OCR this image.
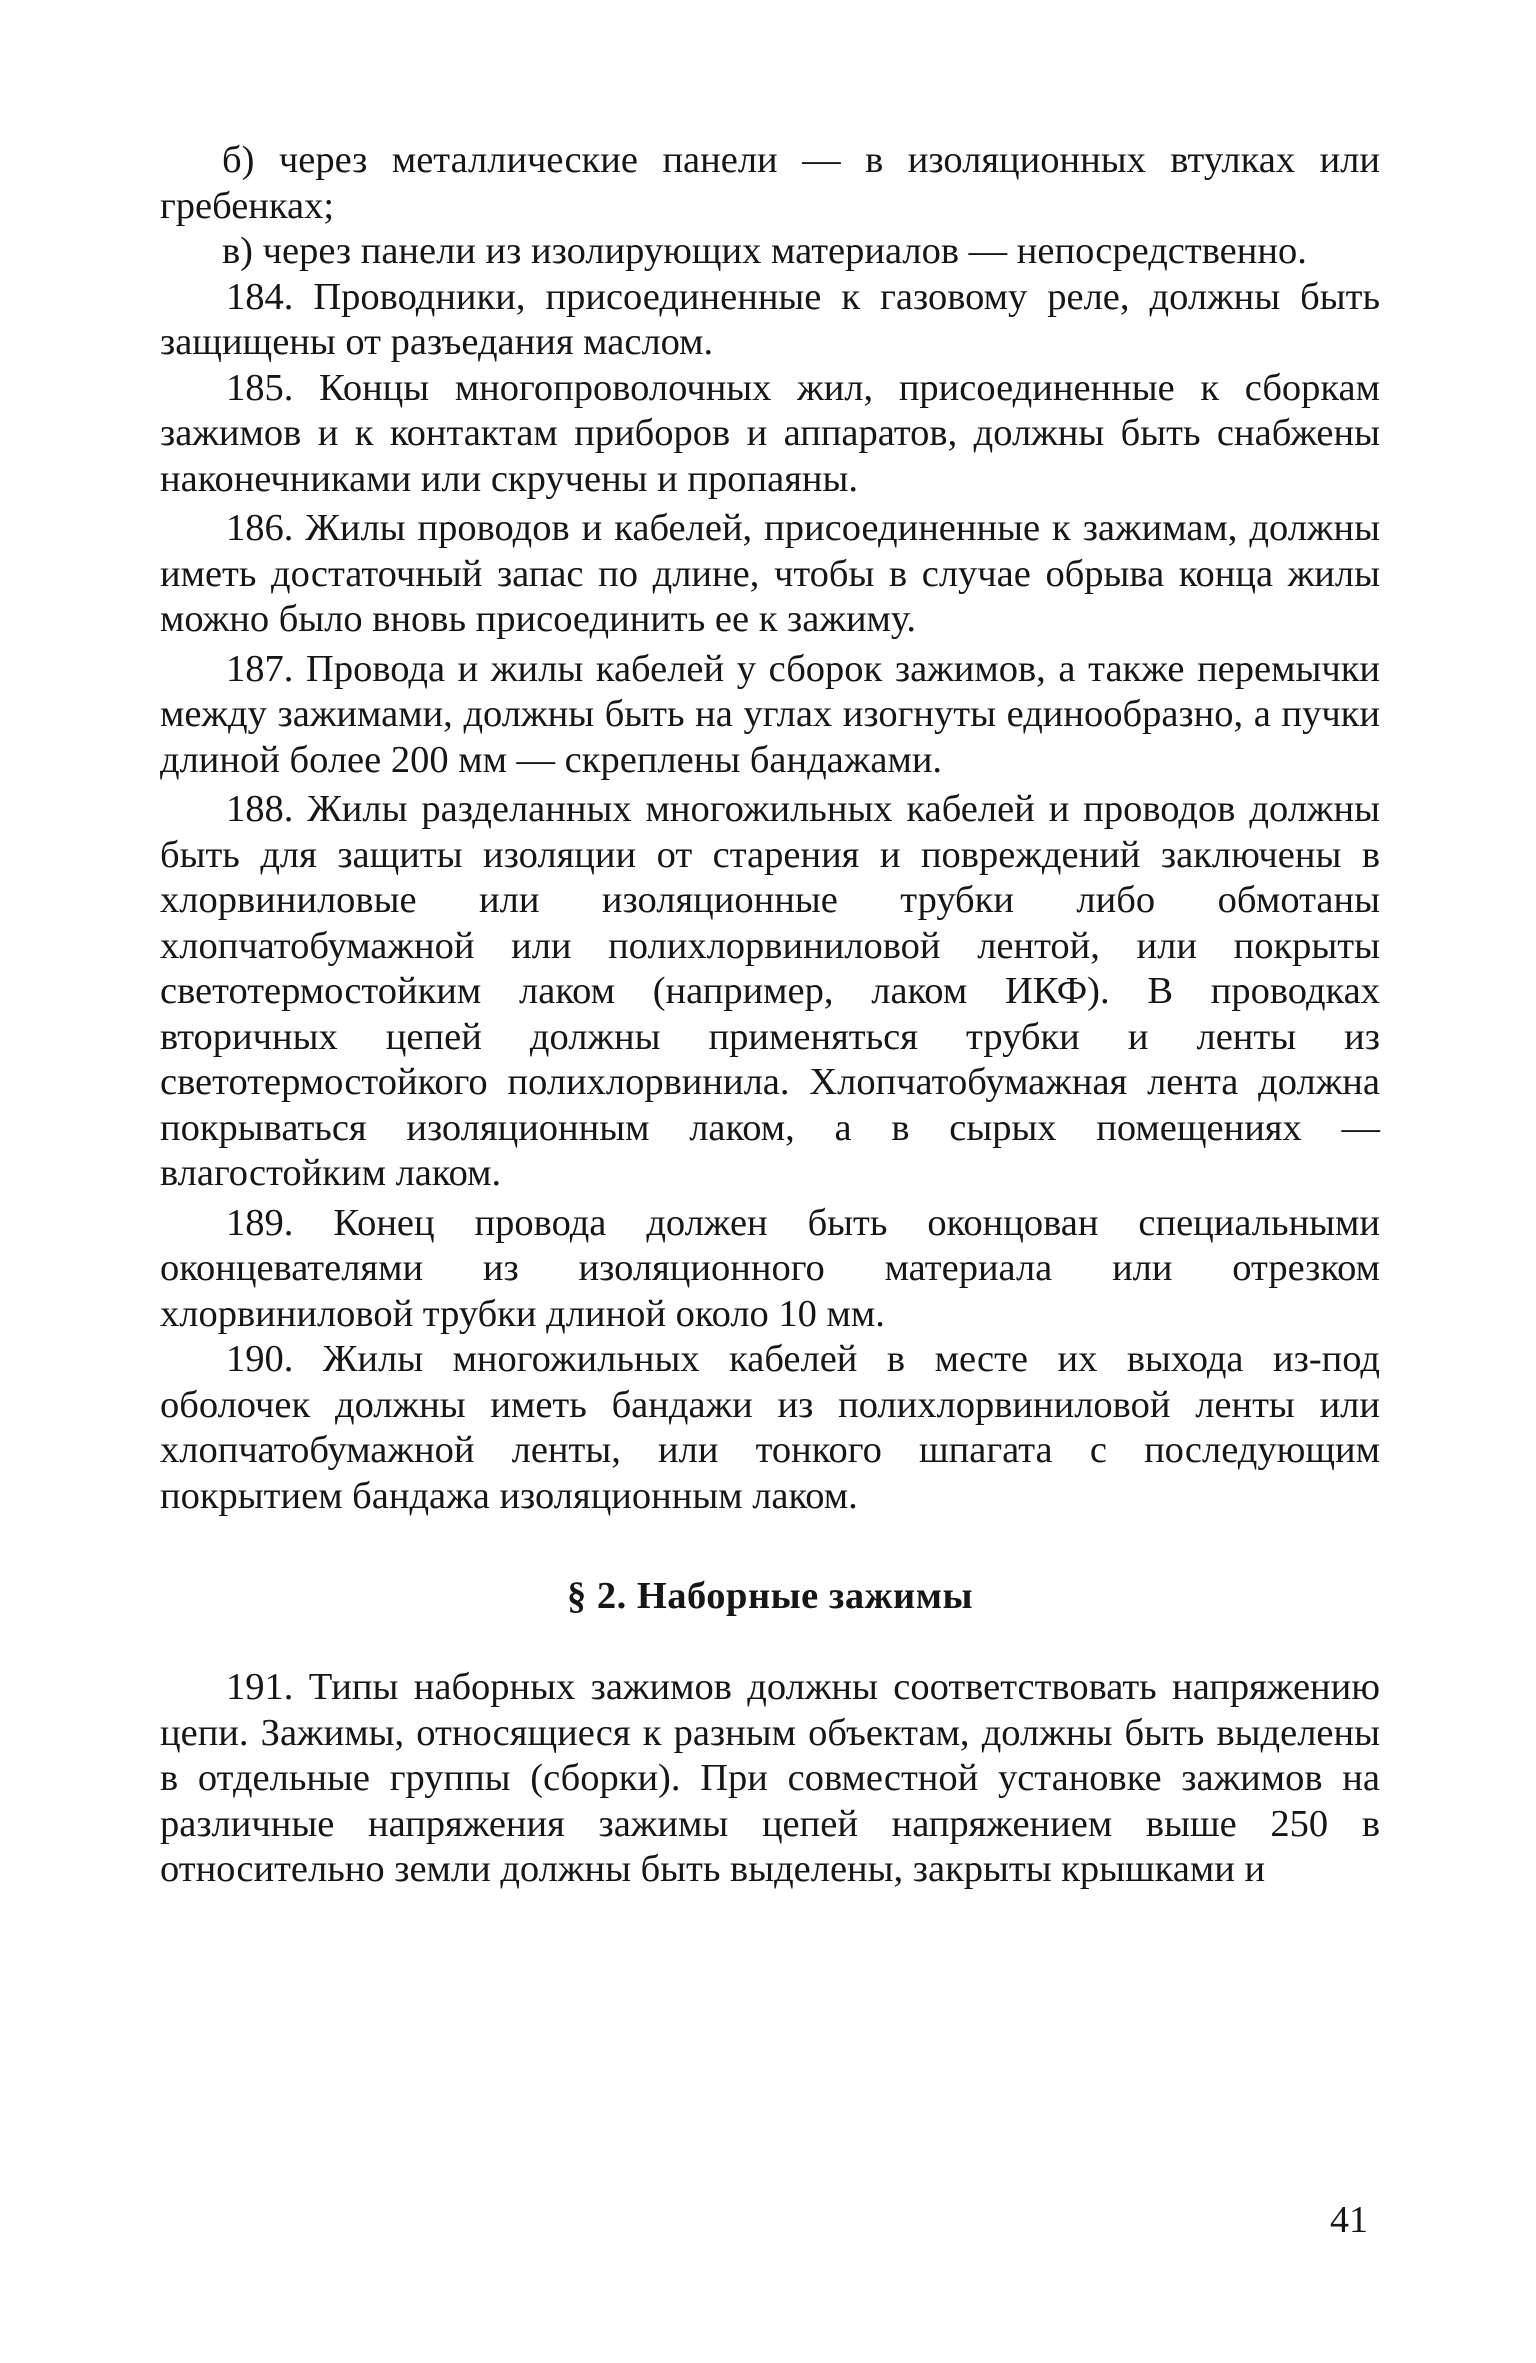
б) через металлические панели — в изоляционных втулках или гребенках;

в) через панели из изолирующих материалов — непосредственно.

184. Проводники, присоединенные к газовому реле, должны быть защищены от разъедания маслом.

185. Концы многопроволочных жил, присоединенные к сборкам зажимов и к контактам приборов и аппаратов, должны быть снабжены наконечниками или скручены и пропаяны.

186. Жилы проводов и кабелей, присоединенные к зажимам, должны иметь достаточный запас по длине, чтобы в случае обрыва конца жилы можно было вновь присоединить ее к зажиму.

187. Провода и жилы кабелей у сборок зажимов, а также перемычки между зажимами, должны быть на углах изогнуты единообразно, а пучки длиной более 200 мм — скреплены бандажами.

188. Жилы разделанных многожильных кабелей и проводов должны быть для защиты изоляции от старения и повреждений заключены в хлорвиниловые или изоляционные трубки либо обмотаны хлопчатобумажной или полихлорвиниловой лентой, или покрыты светотермостойким лаком (например, лаком ИКФ). В проводках вторичных цепей должны применяться трубки и ленты из светотермостойкого полихлорвинила. Хлопчатобумажная лента должна покрываться изоляционным лаком, а в сырых помещениях — влагостойким лаком.

189. Конец провода должен быть оконцован специальными оконцевателями из изоляционного материала или отрезком хлорвиниловой трубки длиной около 10 мм.

190. Жилы многожильных кабелей в месте их выхода из-под оболочек должны иметь бандажи из полихлорвиниловой ленты или хлопчатобумажной ленты, или тонкого шпагата с последующим покрытием бандажа изоляционным лаком.

§ 2. Наборные зажимы

191. Типы наборных зажимов должны соответствовать напряжению цепи. Зажимы, относящиеся к разным объектам, должны быть выделены в отдельные группы (сборки). При совместной установке зажимов на различные напряжения зажимы цепей напряжением выше 250 в относительно земли должны быть выделены, закрыты крышками и

41
